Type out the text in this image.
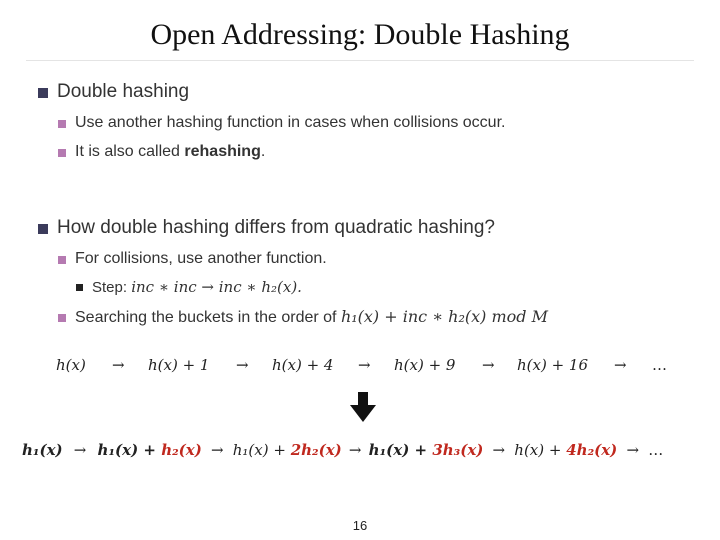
Open Addressing: Double Hashing
Double hashing
Use another hashing function in cases when collisions occur.
It is also called rehashing.
How double hashing differs from quadratic hashing?
For collisions, use another function.
Step: inc ∗ inc → inc ∗ h₂(x).
Searching the buckets in the order of h₁(x) + inc ∗ h₂(x) mod M
h(x) → h(x) + 1 → h(x) + 4 → h(x) + 9 → h(x) + 16 → …
h₁(x) → h₁(x) + h₂(x) → h₁(x) + 2h₂(x) → h₁(x) + 3h₃(x) → h(x) + 4h₂(x) → …
16
